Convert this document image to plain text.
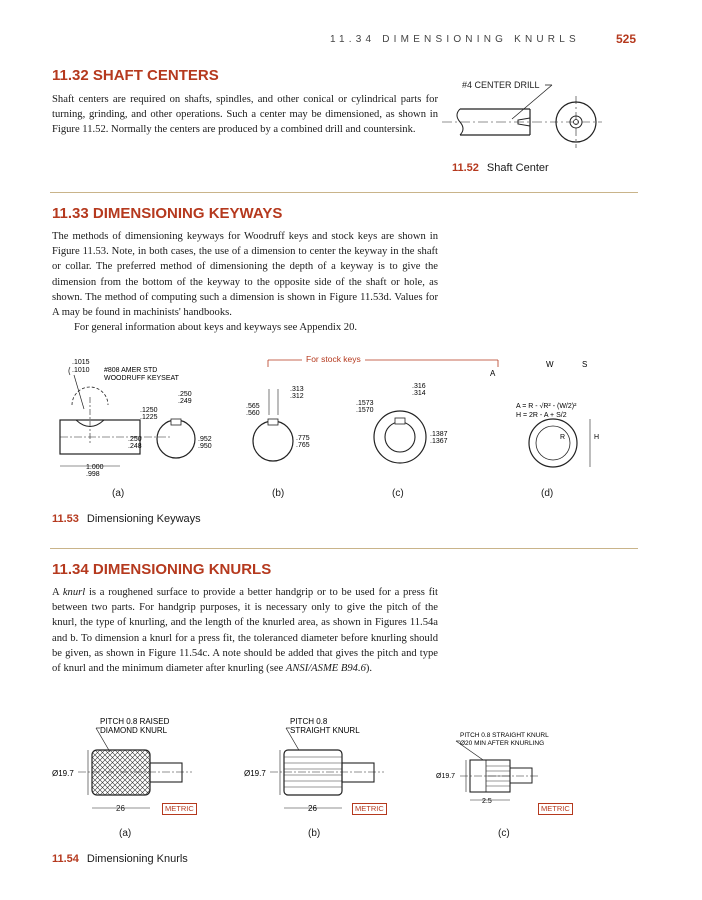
11.34 DIMENSIONING KNURLS	525
11.32 SHAFT CENTERS

Shaft centers are required on shafts, spindles, and other conical or cylindrical parts for turning, grinding, and other operations. Such a center may be dimensioned, as shown in Figure 11.52. Normally the centers are produced by a combined drill and countersink.

#4 CENTER DRILL
11.52 Shaft Center
11.33 DIMENSIONING KEYWAYS

The methods of dimensioning keyways for Woodruff keys and stock keys are shown in Figure 11.53. Note, in both cases, the use of a dimension to center the keyway in the shaft or collar. The preferred method of dimensioning the depth of a keyway is to give the dimension from the bottom of the keyway to the opposite side of the shaft or hole, as shown. The method of computing such a dimension is shown in Figure 11.53d. Values for A may be found in machinists' handbooks.

For general information about keys and keyways see Appendix 20.

.1015
.1010 #808 AMER STD
WOODRUFF KEYSEAT
1.000
.998
.250
.249
.1250
.1225
.250
.248
.952
.950
.313
.312
.565
.560
.775
.765
.316
.314
.1573
.1570
.1387
.1367
A
W	S
A = R - √R² - (W/2)²
H = 2R - A + S/2
R	H
For stock keys
(a)	(b)	(c)	(d)
11.53 Dimensioning Keyways
11.34 DIMENSIONING KNURLS

A knurl is a roughened surface to provide a better handgrip or to be used for a press fit between two parts. For handgrip purposes, it is necessary only to give the pitch of the knurl, the type of knurling, and the length of the knurled area, as shown in Figures 11.54a and b. To dimension a knurl for a press fit, the toleranced diameter before knurling should be given, as shown in Figure 11.54c. A note should be added that gives the pitch and type of knurl and the minimum diameter after knurling (see ANSI/ASME B94.6).

PITCH 0.8 RAISED
DIAMOND KNURL
Ø19.7
26
PITCH 0.8
STRAIGHT KNURL
Ø19.7
26
PITCH 0.8 STRAIGHT KNURL
Ø20 MIN AFTER KNURLING
Ø19.7
2.5
METRIC	METRIC	METRIC
(a)	(b)	(c)
11.54 Dimensioning Knurls
